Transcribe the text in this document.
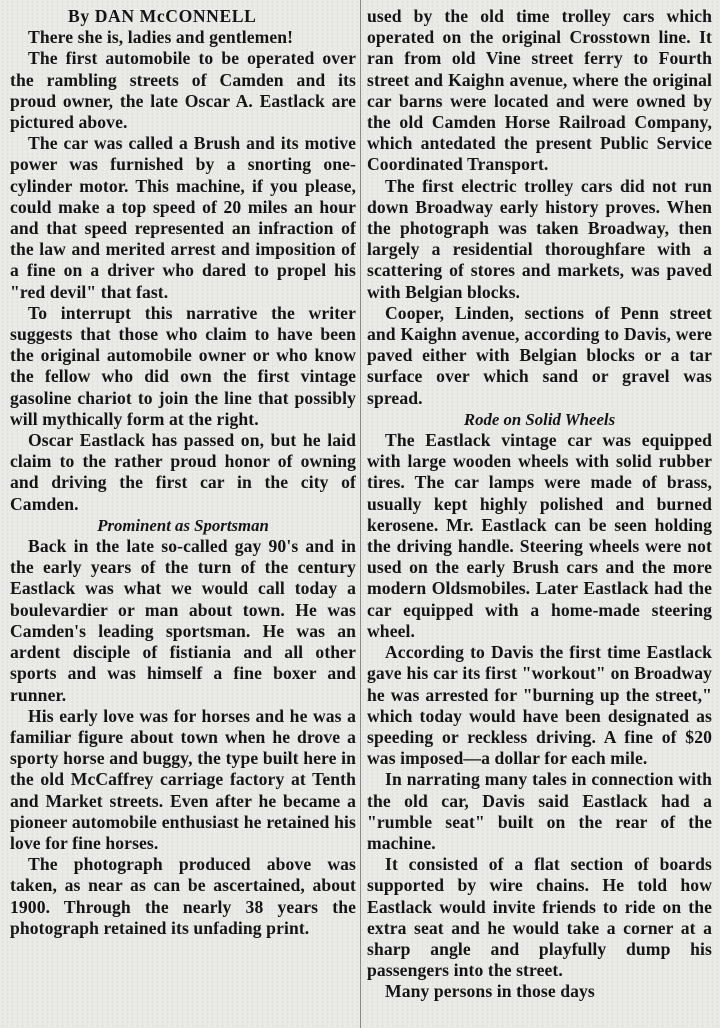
By DAN McCONNELL

There she is, ladies and gentlemen!

The first automobile to be operated over the rambling streets of Camden and its proud owner, the late Oscar A. Eastlack are pictured above.

The car was called a Brush and its motive power was furnished by a snorting one-cylinder motor. This machine, if you please, could make a top speed of 20 miles an hour and that speed represented an infraction of the law and merited arrest and imposition of a fine on a driver who dared to propel his "red devil" that fast.

To interrupt this narrative the writer suggests that those who claim to have been the original automobile owner or who know the fellow who did own the first vintage gasoline chariot to join the line that possibly will mythically form at the right.

Oscar Eastlack has passed on, but he laid claim to the rather proud honor of owning and driving the first car in the city of Camden.

Prominent as Sportsman

Back in the late so-called gay 90's and in the early years of the turn of the century Eastlack was what we would call today a boulevardier or man about town. He was Camden's leading sportsman. He was an ardent disciple of fistiania and all other sports and was himself a fine boxer and runner.

His early love was for horses and he was a familiar figure about town when he drove a sporty horse and buggy, the type built here in the old McCaffrey carriage factory at Tenth and Market streets. Even after he became a pioneer automobile enthusiast he retained his love for fine horses.

The photograph produced above was taken, as near as can be ascertained, about 1900. Through the nearly 38 years the photograph retained its unfading print.

used by the old time trolley cars which operated on the original Crosstown line. It ran from old Vine street ferry to Fourth street and Kaighn avenue, where the original car barns were located and were owned by the old Camden Horse Railroad Company, which antedated the present Public Service Coordinated Transport.

The first electric trolley cars did not run down Broadway early history proves. When the photograph was taken Broadway, then largely a residential thoroughfare with a scattering of stores and markets, was paved with Belgian blocks.

Cooper, Linden, sections of Penn street and Kaighn avenue, according to Davis, were paved either with Belgian blocks or a tar surface over which sand or gravel was spread.

Rode on Solid Wheels

The Eastlack vintage car was equipped with large wooden wheels with solid rubber tires. The car lamps were made of brass, usually kept highly polished and burned kerosene. Mr. Eastlack can be seen holding the driving handle. Steering wheels were not used on the early Brush cars and the more modern Oldsmobiles. Later Eastlack had the car equipped with a home-made steering wheel.

According to Davis the first time Eastlack gave his car its first "workout" on Broadway he was arrested for "burning up the street," which today would have been designated as speeding or reckless driving. A fine of $20 was imposed—a dollar for each mile.

In narrating many tales in connection with the old car, Davis said Eastlack had a "rumble seat" built on the rear of the machine.

It consisted of a flat section of boards supported by wire chains. He told how Eastlack would invite friends to ride on the extra seat and he would take a corner at a sharp angle and playfully dump his passengers into the street.

Many persons in those days
